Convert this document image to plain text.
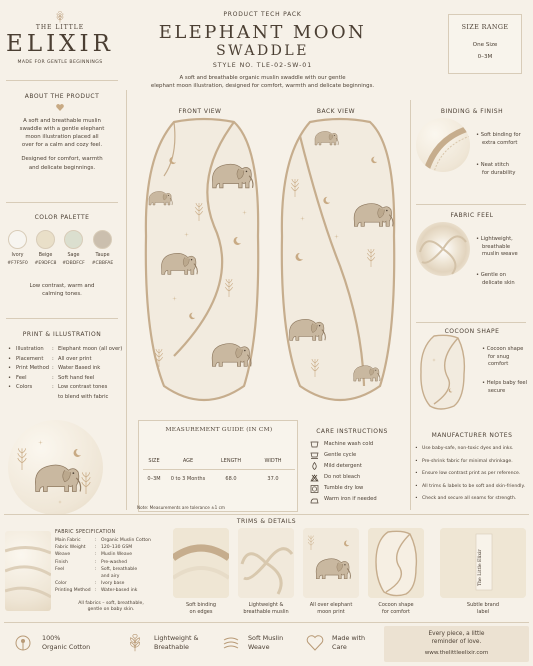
THE LITTLE
ELIXIR
MADE FOR GENTLE BEGINNINGS
ABOUT THE PRODUCT
A soft and breathable muslin
swaddle with a gentle elephant
moon illustration placed all
over for a calm and cozy feel.
Designed for comfort, warmth
and delicate beginnings.
COLOR PALETTE
Ivory
#F7F5F0
Beige
#E9DFC8
Sage
#DBDFCF
Taupe
#CBBFAE
Low contrast, warm and
calming tones.
PRINT & ILLUSTRATION
• Illustration : Elephant moon (all over)
• Placement : All over print
• Print Method : Water Based ink
• Feel	: Soft hand feel
• Colors	: Low contrast tones
to blend with fabric
PRODUCT TECH PACK
ELEPHANT MOON
SWADDLE
STYLE NO. TLE-02-SW-01
A soft and breathable organic muslin swaddle with our gentle
elephant moon illustration, designed for comfort, warmth and delicate beginnings.
SIZE RANGE
One Size
0–3M
FRONT VIEW	BACK VIEW	BINDING & FINISH
• Soft binding for
extra comfort
• Neat stitch
for durability
FABRIC FEEL
• Lightweight,
breathable
muslin weave
• Gentle on
delicate skin
COCOON SHAPE
• Cocoon shape
for snug
comfort
• Helps baby feel
secure
MEASUREMENT GUIDE (IN CM)
SIZE	AGE	LENGTH	WIDTH
0–3M	0 to 3 Months	68.0	37.0
Note: Measurements are tolerance ±1 cm
CARE INSTRUCTIONS
Machine wash cold
Gentle cycle
Mild detergent
Do not bleach
Tumble dry low
Warm iron if needed
MANUFACTURER NOTES
• Use baby-safe, non-toxic dyes and inks.
• Pre-shrink fabric for minimal shrinkage.
• Ensure low contrast print as per reference.
• All trims & labels to be soft and skin-friendly.
• Check and secure all seams for strength.
TRIMS & DETAILS
FABRIC SPECIFICATION
Main Fabric	: Organic Muslin Cotton
Fabric Weight : 120–130 GSM
Weave	: Muslin Weave
Finish	: Pre-washed
Feel	: Soft, breathable
and airy
Color	: Ivory base
Printing Method : Water-based ink
All fabrics – soft, breathable,
gentle on baby skin.
The Little Elixir
Soft binding
on edges
Lightweight &
breathable muslin
All over elephant
moon print
Cocoon shape
for comfort
Subtle brand
label
100%
Organic Cotton
Lightweight &
Breathable
Soft Muslin
Weave
Made with
Care
Every piece, a little
reminder of love.
www.thelittleelixir.com
